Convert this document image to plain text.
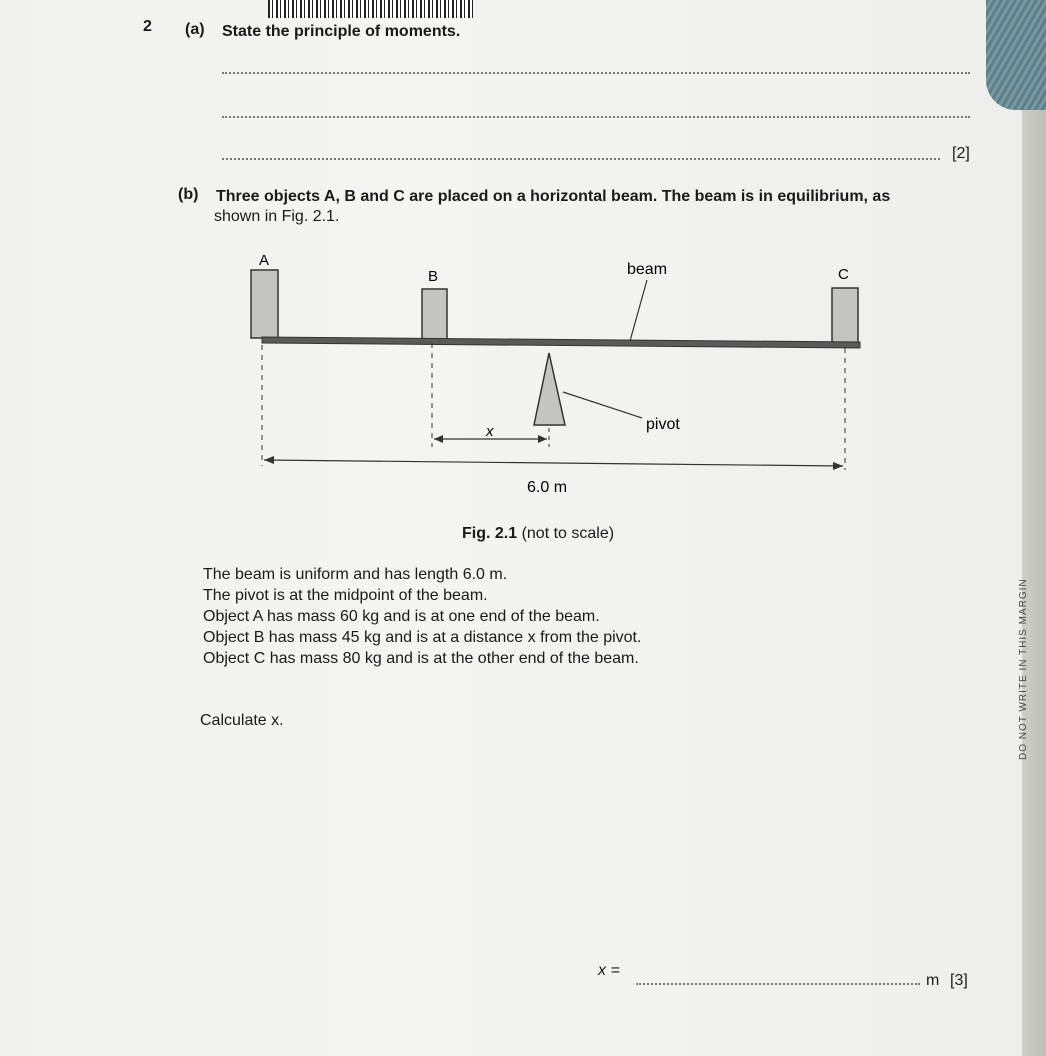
2 (a) State the principle of moments.
[2]
(b) Three objects A, B and C are placed on a horizontal beam. The beam is in equilibrium, as
shown in Fig. 2.1.
A
B	C
beam
pivot
x
6.0 m
Fig. 2.1 (not to scale)
The beam is uniform and has length 6.0 m.
The pivot is at the midpoint of the beam.
Object A has mass 60 kg and is at one end of the beam.
Object B has mass 45 kg and is at a distance x from the pivot.
Object C has mass 80 kg and is at the other end of the beam.
Calculate x.
x =
m [3]
DO NOT WRITE IN THIS MARGIN
